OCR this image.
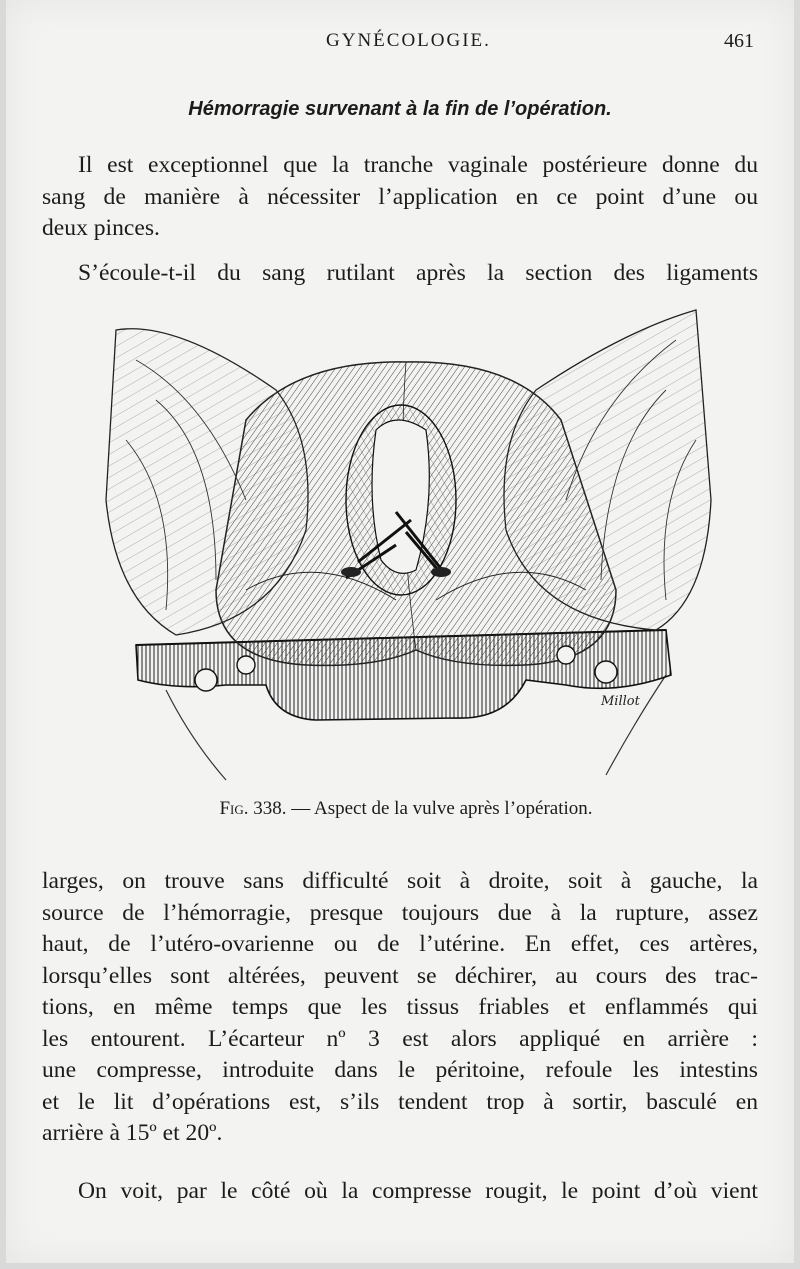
GYNÉCOLOGIE.	461
Hémorragie survenant à la fin de l’opération.

Il est exceptionnel que la tranche vaginale postérieure donne du
sang de manière à nécessiter l’application en ce point d’une ou
deux pinces.

S’écoule-t-il du sang rutilant après la section des ligaments

Millot
Fig. 338. — Aspect de la vulve après l’opération.

larges, on trouve sans difficulté soit à droite, soit à gauche, la
source de l’hémorragie, presque toujours due à la rupture, assez
haut, de l’utéro-ovarienne ou de l’utérine. En effet, ces artères,
lorsqu’elles sont altérées, peuvent se déchirer, au cours des trac-
tions, en même temps que les tissus friables et enflammés qui
les entourent. L’écarteur nº 3 est alors appliqué en arrière :
une compresse, introduite dans le péritoine, refoule les intestins
et le lit d’opérations est, s’ils tendent trop à sortir, basculé en
arrière à 15º et 20º.

On voit, par le côté où la compresse rougit, le point d’où vient
